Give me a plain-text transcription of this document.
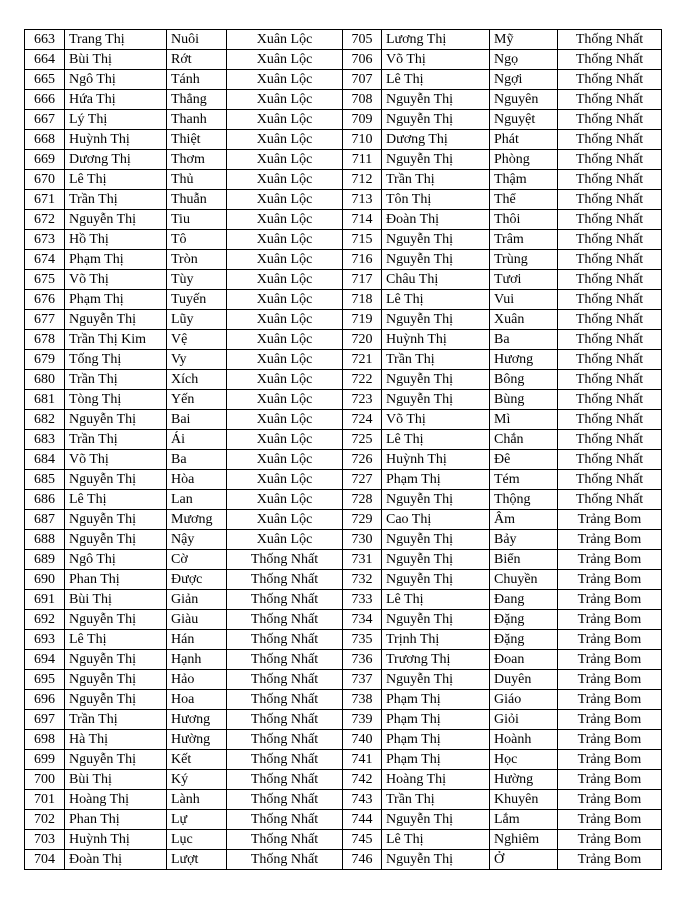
663	Trang Thị	Nuôi	Xuân Lộc	705	Lương Thị	Mỹ	Thống Nhất
664	Bùi Thị	Rớt	Xuân Lộc	706	Võ Thị	Ngọ	Thống Nhất
665	Ngô Thị	Tánh	Xuân Lộc	707	Lê Thị	Ngợi	Thống Nhất
666	Hứa Thị	Thẳng	Xuân Lộc	708	Nguyễn Thị	Nguyên	Thống Nhất
667	Lý Thị	Thanh	Xuân Lộc	709	Nguyễn Thị	Nguyệt	Thống Nhất
668	Huỳnh Thị	Thiệt	Xuân Lộc	710	Dương Thị	Phát	Thống Nhất
669	Dương Thị	Thơm	Xuân Lộc	711	Nguyễn Thị	Phòng	Thống Nhất
670	Lê Thị	Thủ	Xuân Lộc	712	Trần Thị	Thậm	Thống Nhất
671	Trần Thị	Thuẫn	Xuân Lộc	713	Tôn Thị	Thể	Thống Nhất
672	Nguyễn Thị	Tiu	Xuân Lộc	714	Đoàn Thị	Thôi	Thống Nhất
673	Hồ Thị	Tô	Xuân Lộc	715	Nguyễn Thị	Trâm	Thống Nhất
674	Phạm Thị	Tròn	Xuân Lộc	716	Nguyễn Thị	Trùng	Thống Nhất
675	Võ Thị	Tùy	Xuân Lộc	717	Châu Thị	Tươi	Thống Nhất
676	Phạm Thị	Tuyến	Xuân Lộc	718	Lê Thị	Vui	Thống Nhất
677	Nguyễn Thị	Lũy	Xuân Lộc	719	Nguyễn Thị	Xuân	Thống Nhất
678	Trần Thị Kim	Vệ	Xuân Lộc	720	Huỳnh Thị	Ba	Thống Nhất
679	Tống Thị	Vy	Xuân Lộc	721	Trần Thị	Hương	Thống Nhất
680	Trần Thị	Xích	Xuân Lộc	722	Nguyễn Thị	Bông	Thống Nhất
681	Tòng Thị	Yến	Xuân Lộc	723	Nguyễn Thị	Bùng	Thống Nhất
682	Nguyễn Thị	Bai	Xuân Lộc	724	Võ Thị	Mì	Thống Nhất
683	Trần Thị	Ái	Xuân Lộc	725	Lê Thị	Chắn	Thống Nhất
684	Võ Thị	Ba	Xuân Lộc	726	Huỳnh Thị	Đê	Thống Nhất
685	Nguyễn Thị	Hòa	Xuân Lộc	727	Phạm Thị	Tém	Thống Nhất
686	Lê Thị	Lan	Xuân Lộc	728	Nguyễn Thị	Thộng	Thống Nhất
687	Nguyễn Thị	Mương	Xuân Lộc	729	Cao Thị	Âm	Trảng Bom
688	Nguyễn Thị	Nậy	Xuân Lộc	730	Nguyễn Thị	Bảy	Trảng Bom
689	Ngô Thị	Cờ	Thống Nhất	731	Nguyễn Thị	Biển	Trảng Bom
690	Phan Thị	Được	Thống Nhất	732	Nguyễn Thị	Chuyền	Trảng Bom
691	Bùi Thị	Giản	Thống Nhất	733	Lê Thị	Đang	Trảng Bom
692	Nguyễn Thị	Giàu	Thống Nhất	734	Nguyễn Thị	Đặng	Trảng Bom
693	Lê Thị	Hán	Thống Nhất	735	Trịnh Thị	Đặng	Trảng Bom
694	Nguyễn Thị	Hạnh	Thống Nhất	736	Trương Thị	Đoan	Trảng Bom
695	Nguyễn Thị	Hảo	Thống Nhất	737	Nguyễn Thị	Duyên	Trảng Bom
696	Nguyễn Thị	Hoa	Thống Nhất	738	Phạm Thị	Giáo	Trảng Bom
697	Trần Thị	Hương	Thống Nhất	739	Phạm Thị	Giỏi	Trảng Bom
698	Hà Thị	Hường	Thống Nhất	740	Phạm Thị	Hoành	Trảng Bom
699	Nguyễn Thị	Kết	Thống Nhất	741	Phạm Thị	Học	Trảng Bom
700	Bùi Thị	Ký	Thống Nhất	742	Hoàng Thị	Hường	Trảng Bom
701	Hoàng Thị	Lành	Thống Nhất	743	Trần Thị	Khuyên	Trảng Bom
702	Phan Thị	Lự	Thống Nhất	744	Nguyễn Thị	Lắm	Trảng Bom
703	Huỳnh Thị	Lục	Thống Nhất	745	Lê Thị	Nghiêm	Trảng Bom
704	Đoàn Thị	Lượt	Thống Nhất	746	Nguyễn Thị	Ở	Trảng Bom
